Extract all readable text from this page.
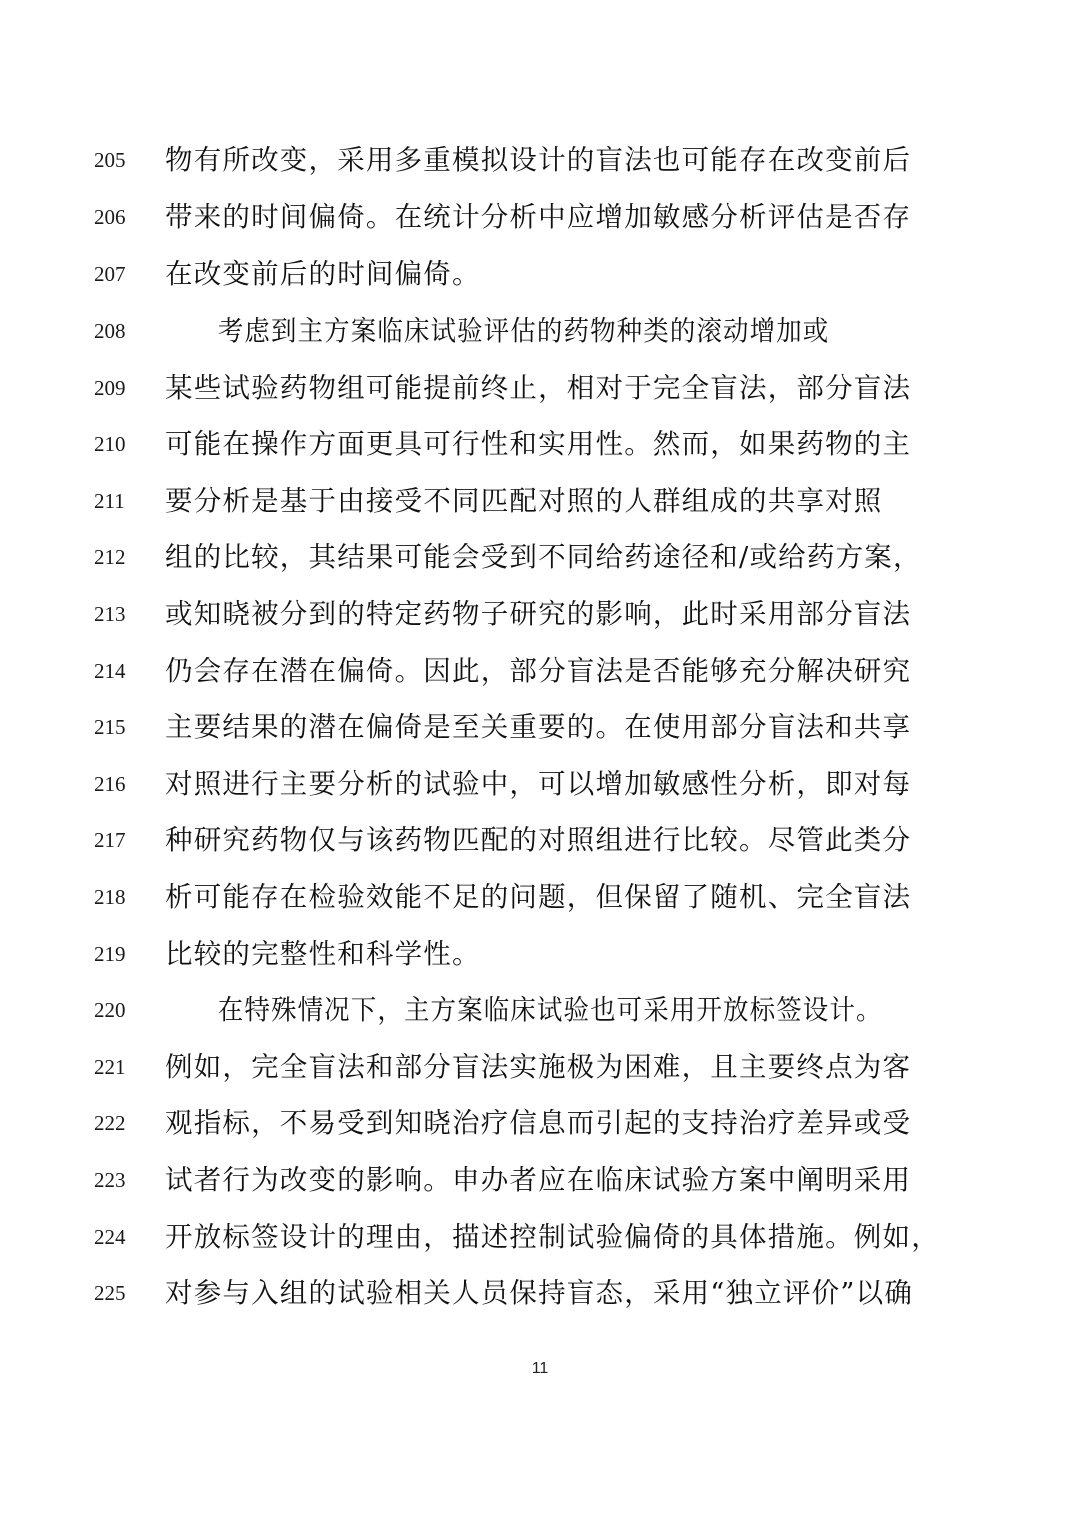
205	物有所改变，采用多重模拟设计的盲法也可能存在改变前后
206	带来的时间偏倚。在统计分析中应增加敏感分析评估是否存
207	在改变前后的时间偏倚。
208	考虑到主方案临床试验评估的药物种类的滚动增加或
209	某些试验药物组可能提前终止，相对于完全盲法，部分盲法
210	可能在操作方面更具可行性和实用性。然而，如果药物的主
211	要分析是基于由接受不同匹配对照的人群组成的共享对照
212	组的比较，其结果可能会受到不同给药途径和/或给药方案，
213	或知晓被分到的特定药物子研究的影响，此时采用部分盲法
214	仍会存在潜在偏倚。因此，部分盲法是否能够充分解决研究
215	主要结果的潜在偏倚是至关重要的。在使用部分盲法和共享
216	对照进行主要分析的试验中，可以增加敏感性分析，即对每
217	种研究药物仅与该药物匹配的对照组进行比较。尽管此类分
218	析可能存在检验效能不足的问题，但保留了随机、完全盲法
219	比较的完整性和科学性。
220	在特殊情况下，主方案临床试验也可采用开放标签设计。
221	例如，完全盲法和部分盲法实施极为困难，且主要终点为客
222	观指标，不易受到知晓治疗信息而引起的支持治疗差异或受
223	试者行为改变的影响。申办者应在临床试验方案中阐明采用
224	开放标签设计的理由，描述控制试验偏倚的具体措施。例如，
225	对参与入组的试验相关人员保持盲态，采用“独立评价”以确
11
